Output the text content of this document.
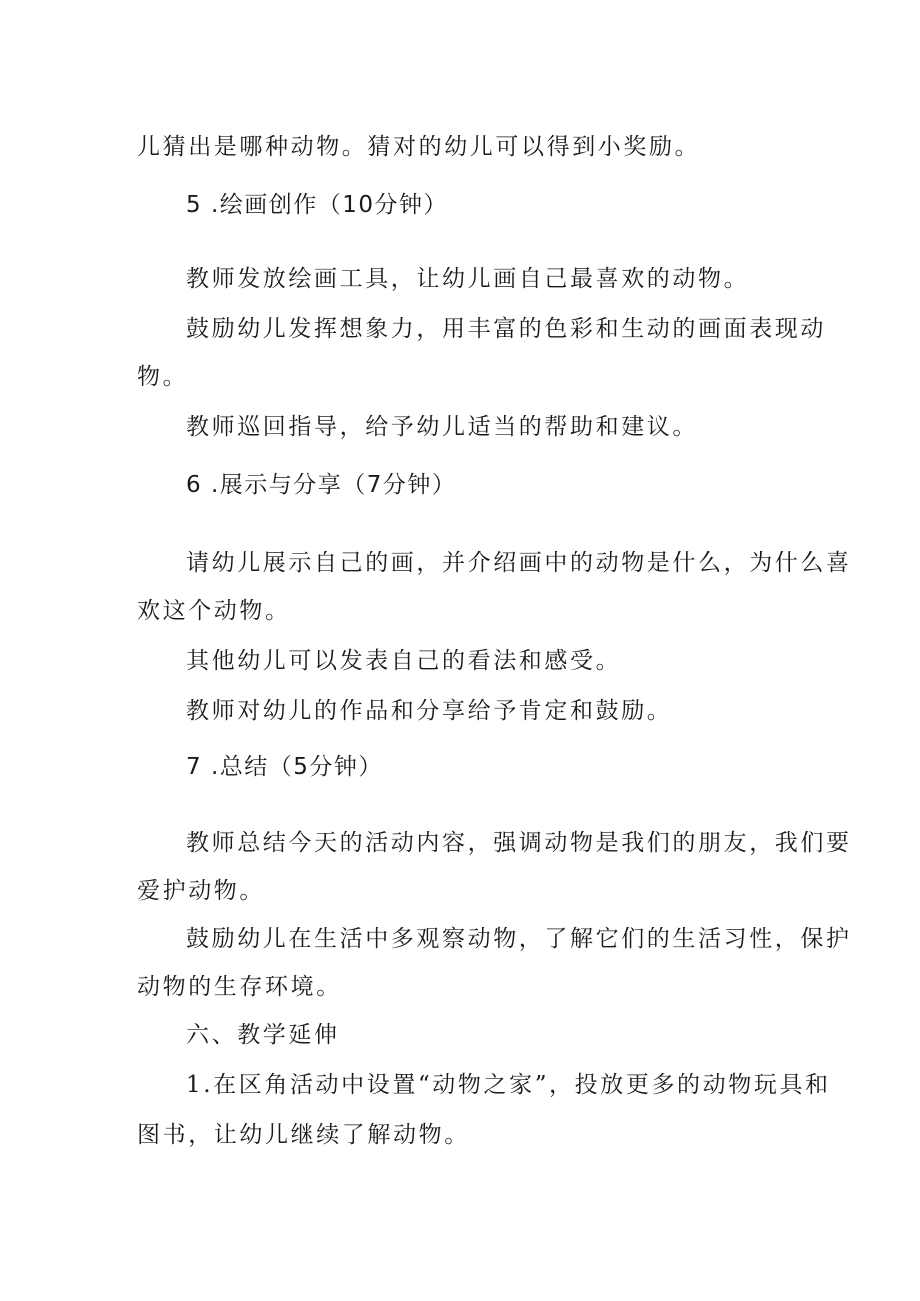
儿猜出是哪种动物。猜对的幼儿可以得到小奖励。
5 .绘画创作（10分钟）
教师发放绘画工具，让幼儿画自己最喜欢的动物。
鼓励幼儿发挥想象力，用丰富的色彩和生动的画面表现动
物。
教师巡回指导，给予幼儿适当的帮助和建议。
6 .展示与分享（7分钟）
请幼儿展示自己的画，并介绍画中的动物是什么，为什么喜
欢这个动物。
其他幼儿可以发表自己的看法和感受。
教师对幼儿的作品和分享给予肯定和鼓励。
7 .总结（5分钟）
教师总结今天的活动内容，强调动物是我们的朋友，我们要
爱护动物。
鼓励幼儿在生活中多观察动物，了解它们的生活习性，保护
动物的生存环境。
六、教学延伸
1.在区角活动中设置“动物之家”，投放更多的动物玩具和
图书，让幼儿继续了解动物。
